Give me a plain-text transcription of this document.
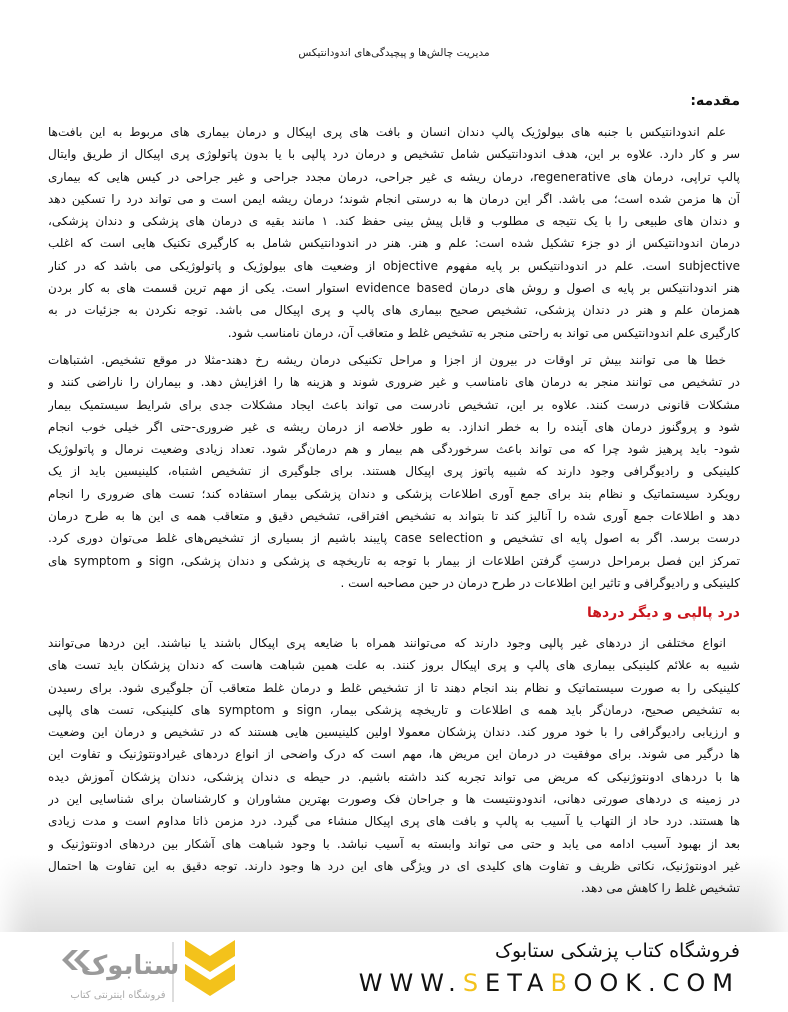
مدیریت چالش‌ها و پیچیدگی‌های اندودانتیکس
مقدمه:
علم اندودانتیکس با جنبه های بیولوژیک پالپ دندان انسان و بافت های پری اپیکال و درمان بیماری های مربوط به این بافت‌ها
سر و کار دارد. علاوه بر این، هدف اندودانتیکس شامل تشخیص و درمان درد پالپی با یا بدون پاتولوژی پری اپیکال از طریق وایتال
پالپ تراپی، درمان های regenerative، درمان ریشه ی غیر جراحی، درمان مجدد جراحی و غیر جراحی در کیس هایی که بیماری
آن ها مزمن شده است؛ می باشد. اگر این درمان ها به درستی انجام شوند؛ درمان ریشه ایمن است و می تواند درد را تسکین دهد
و دندان های طبیعی را با یک نتیجه ی مطلوب و قابل پیش بینی حفظ کند. ۱ مانند بقیه ی درمان های پزشکی و دندان پزشکی،
درمان اندودانتیکس از دو جزء تشکیل شده است: علم و هنر. هنر در اندودانتیکس شامل به کارگیری تکنیک هایی است که اغلب
subjective است. علم در اندودانتیکس بر پایه مفهوم objective از وضعیت های بیولوژیک و پاتولوژیکی می باشد که در کنار
هنر اندودانتیکس بر پایه ی اصول و روش های درمان evidence based استوار است. یکی از مهم ترین قسمت های به کار بردن
همزمان علم و هنر در دندان پزشکی، تشخیص صحیح بیماری های پالپ و پری اپیکال می باشد. توجه نکردن به جزئیات در به
کارگیری علم اندودانتیکس می تواند به راحتی منجر به تشخیص غلط و متعاقب آن، درمان نامناسب شود.
خطا ها می توانند بیش تر اوقات در بیرون از اجزا و مراحل تکنیکی درمان ریشه رخ دهند-مثلا در موقع تشخیص. اشتباهات
در تشخیص می توانند منجر به درمان های نامناسب و غیر ضروری شوند و هزینه ها را افزایش دهد. و بیماران را ناراضی کنند و
مشکلات قانونی درست کنند. علاوه بر این، تشخیص نادرست می تواند باعث ایجاد مشکلات جدی برای شرایط سیستمیک بیمار
شود و پروگنوز درمان های آینده را به خطر اندازد. به طور خلاصه از درمان ریشه ی غیر ضروری-حتی اگر خیلی خوب انجام
شود- باید پرهیز شود چرا که می تواند باعث سرخوردگی هم بیمار و هم درمان‌گر شود. تعداد زیادی وضعیت نرمال و پاتولوژیک
کلینیکی و رادیوگرافی وجود دارند که شبیه پاتوز پری اپیکال هستند. برای جلوگیری از تشخیص اشتباه، کلینیسین باید از یک
رویکرد سیستماتیک و نظام بند برای جمع آوری اطلاعات پزشکی و دندان پزشکی بیمار استفاده کند؛ تست های ضروری را انجام
دهد و اطلاعات جمع آوری شده را آنالیز کند تا بتواند به تشخیص افتراقی، تشخیص دقیق و متعاقب همه ی این ها به طرح درمان
درست برسد. اگر به اصول پایه ای تشخیص و case selection پایبند باشیم از بسیاری از تشخیص‌های غلط می‌توان دوری کرد.
تمرکز این فصل برمراحل درستِ گرفتن اطلاعات از بیمار با توجه به تاریخچه ی پزشکی و دندان پزشکی، sign و symptom های
کلینیکی و رادیوگرافی و تاثیر این اطلاعات در طرح درمان در حین مصاحبه است .
درد پالپی و دیگر دردها
انواع مختلفی از دردهای غیر پالپی وجود دارند که می‌توانند همراه با ضایعه پری اپیکال باشند یا نباشند. این دردها می‌توانند
شبیه به علائم کلینیکی بیماری های پالپ و پری اپیکال بروز کنند. به علت همین شباهت هاست که دندان پزشکان باید تست های
کلینیکی را به صورت سیستماتیک و نظام بند انجام دهند تا از تشخیص غلط و درمان غلط متعاقب آن جلوگیری شود. برای رسیدن
به تشخیص صحیح، درمان‌گر باید همه ی اطلاعات و تاریخچه پزشکی بیمار، sign و symptom های کلینیکی، تست های پالپی
و ارزیابی رادیوگرافی را با خود مرور کند. دندان پزشکان معمولا اولین کلینیسین هایی هستند که در تشخیص و درمان این وضعیت
ها درگیر می شوند. برای موفقیت در درمان این مریض ها، مهم است که درک واضحی از انواع دردهای غیرادونتوژنیک و تفاوت این
ها با دردهای ادونتوژنیکی که مریض می تواند تجربه کند داشته باشیم. در حیطه ی دندان پزشکی، دندان پزشکان آموزش دیده
در زمینه ی دردهای صورتی دهانی، اندودونتیست ها و جراحان فک وصورت بهترین مشاوران و کارشناسان برای شناسایی این در
ها هستند. درد حاد از التهاب یا آسیب به پالپ و بافت های پری اپیکال منشاء می گیرد. درد مزمن ذاتا مداوم است و مدت زیادی
بعد از بهبود آسیب ادامه می یابد و حتی می تواند وابسته به آسیب نباشد. با وجود شباهت های آشکار بین دردهای ادونتوژنیک و
غیر ادونتوژنیک، نکاتی ظریف و تفاوت های کلیدی ای در ویژگی های این درد ها وجود دارند. توجه دقیق به این تفاوت ها احتمال
تشخیص غلط را کاهش می دهد.
ستابوک
فروشگاه اینترنتی کتاب
فروشگاه کتاب پزشکی ستابوک
WWW.SETABOOK.COM
